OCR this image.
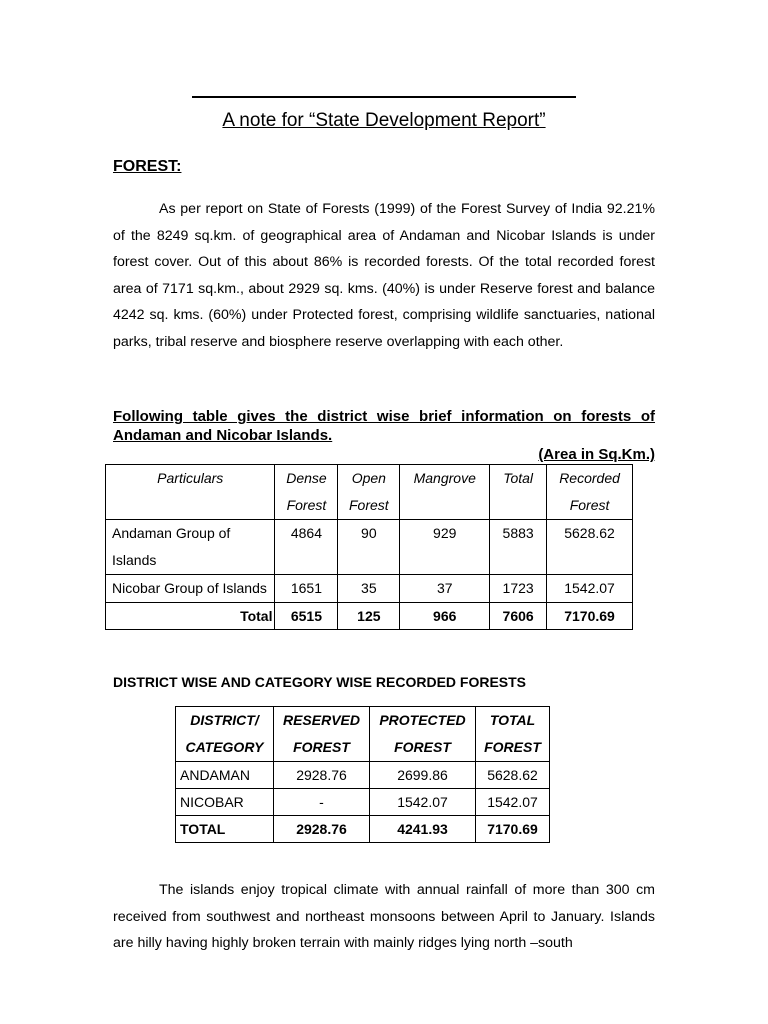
A note for “State Development Report”
FOREST:
As per report on State of Forests (1999) of the Forest Survey of India 92.21% of the 8249 sq.km. of geographical area of Andaman and Nicobar Islands is under forest cover. Out of this about 86% is recorded forests. Of the total recorded forest area of 7171 sq.km., about 2929 sq. kms. (40%) is under Reserve forest and balance 4242 sq. kms. (60%) under Protected forest, comprising wildlife sanctuaries, national parks, tribal reserve and biosphere reserve overlapping with each other.
Following table gives the district wise brief information on forests of Andaman and Nicobar Islands.
(Area in Sq.Km.)
Particulars	Dense Forest	Open Forest	Mangrove	Total	Recorded Forest
Andaman Group of Islands	4864	90	929	5883	5628.62
Nicobar Group of Islands	1651	35	37	1723	1542.07
Total	6515	125	966	7606	7170.69
DISTRICT WISE AND CATEGORY WISE RECORDED FORESTS
DISTRICT/ CATEGORY	RESERVED FOREST	PROTECTED FOREST	TOTAL FOREST
ANDAMAN	2928.76	2699.86	5628.62
NICOBAR	-	1542.07	1542.07
TOTAL	2928.76	4241.93	7170.69
The islands enjoy tropical climate with annual rainfall of more than 300 cm received from southwest and northeast monsoons between April to January. Islands are hilly having highly broken terrain with mainly ridges lying north –south
